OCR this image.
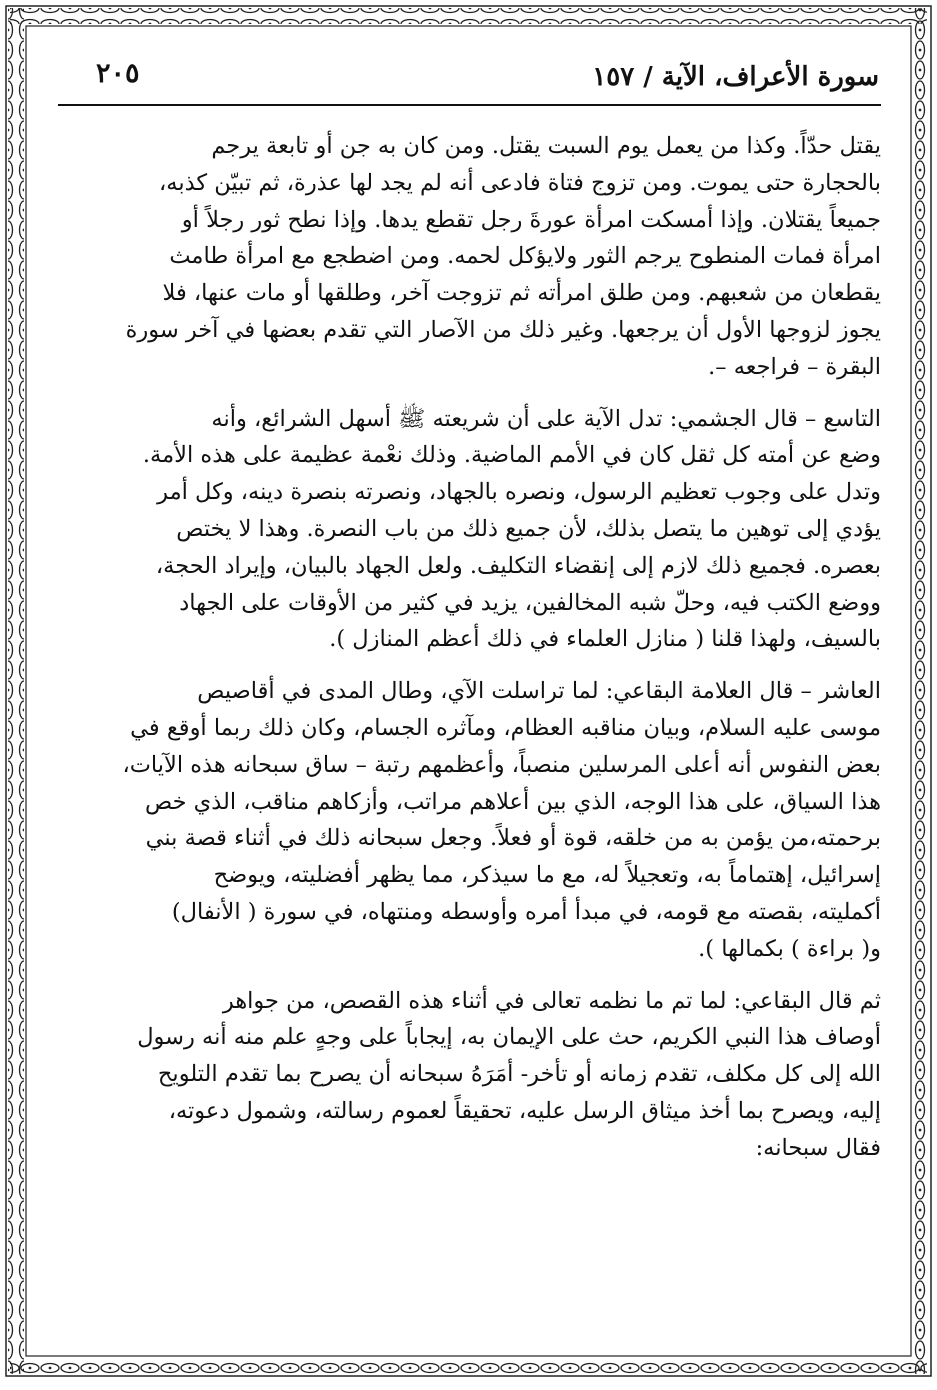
سورة الأعراف، الآية / ١٥٧
٢٠٥

يقتل حدّاً. وكذا من يعمل يوم السبت يقتل. ومن كان به جن أو تابعة يرجم
بالحجارة حتى يموت. ومن تزوج فتاة فادعى أنه لم يجد لها عذرة، ثم تبيّن كذبه،
جميعاً يقتلان. وإذا أمسكت امرأة عورةَ رجل تقطع يدها. وإذا نطح ثور رجلاً أو
امرأة فمات المنطوح يرجم الثور ولايؤكل لحمه. ومن اضطجع مع امرأة طامث
يقطعان من شعبهم. ومن طلق امرأته ثم تزوجت آخر، وطلقها أو مات عنها، فلا
يجوز لزوجها الأول أن يرجعها. وغير ذلك من الآصار التي تقدم بعضها في آخر سورة
البقرة – فراجعه –.

التاسع – قال الجشمي: تدل الآية على أن شريعته ﷺ أسهل الشرائع، وأنه
وضع عن أمته كل ثقل كان في الأمم الماضية. وذلك نعْمة عظيمة على هذه الأمة.
وتدل على وجوب تعظيم الرسول، ونصره بالجهاد، ونصرته بنصرة دينه، وكل أمر
يؤدي إلى توهين ما يتصل بذلك، لأن جميع ذلك من باب النصرة. وهذا لا يختص
بعصره. فجميع ذلك لازم إلى إنقضاء التكليف. ولعل الجهاد بالبيان، وإيراد الحجة،
ووضع الكتب فيه، وحلّ شبه المخالفين، يزيد في كثير من الأوقات على الجهاد
بالسيف، ولهذا قلنا ( منازل العلماء في ذلك أعظم المنازل ).

العاشر – قال العلامة البقاعي: لما تراسلت الآي، وطال المدى في أقاصيص
موسى عليه السلام، وبيان مناقبه العظام، ومآثره الجسام، وكان ذلك ربما أوقع في
بعض النفوس أنه أعلى المرسلين منصباً، وأعظمهم رتبة – ساق سبحانه هذه الآيات،
هذا السياق، على هذا الوجه، الذي بين أعلاهم مراتب، وأزكاهم مناقب، الذي خص
برحمته،من يؤمن به من خلقه، قوة أو فعلاً. وجعل سبحانه ذلك في أثناء قصة بني
إسرائيل، إهتماماً به، وتعجيلاً له، مع ما سيذكر، مما يظهر أفضليته، ويوضح
أكمليته، بقصته مع قومه، في مبدأ أمره وأوسطه ومنتهاه، في سورة ( الأنفال)
و( براءة ) بكمالها ).

ثم قال البقاعي: لما تم ما نظمه تعالى في أثناء هذه القصص، من جواهر
أوصاف هذا النبي الكريم، حث على الإيمان به، إيجاباً على وجهٍ علم منه أنه رسول
الله إلى كل مكلف، تقدم زمانه أو تأخر- أمَرَهُ سبحانه أن يصرح بما تقدم التلويح
إليه، ويصرح بما أخذ ميثاق الرسل عليه، تحقيقاً لعموم رسالته، وشمول دعوته،
فقال سبحانه:
